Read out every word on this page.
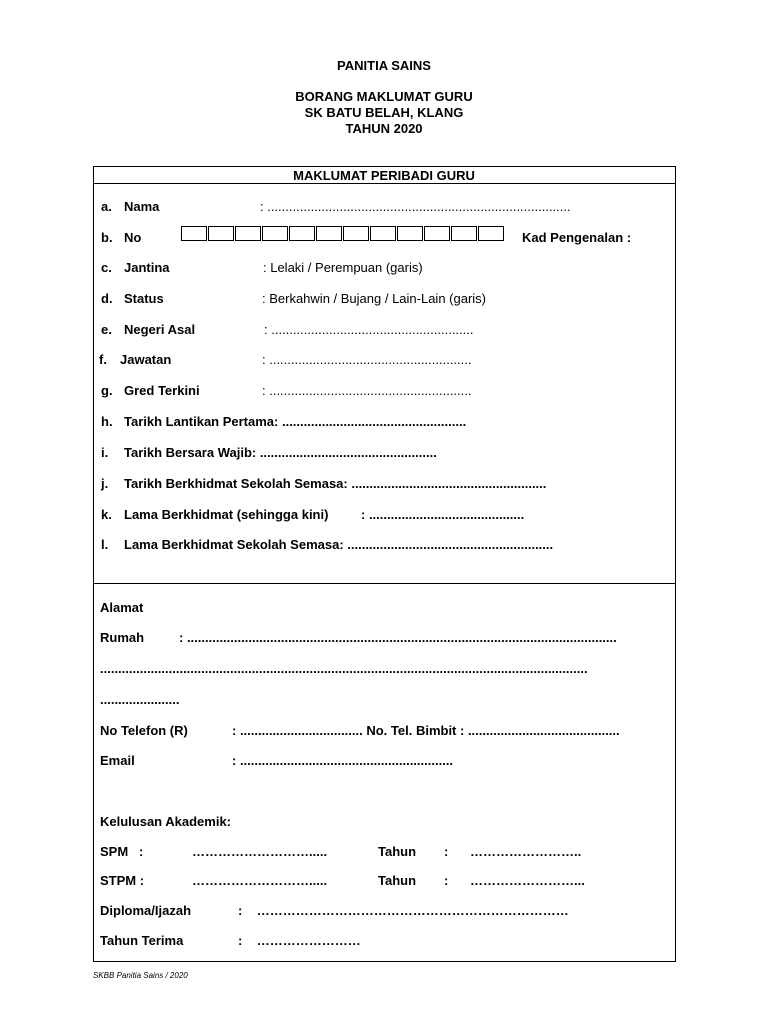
PANITIA SAINS
BORANG MAKLUMAT GURU
SK BATU BELAH, KLANG
TAHUN 2020
MAKLUMAT PERIBADI GURU
a. Nama	: ....................................................................................
b. No	Kad Pengenalan :
c. Jantina	: Lelaki / Perempuan (garis)
d. Status	: Berkahwin / Bujang / Lain-Lain (garis)
e. Negeri Asal	: ........................................................
f. Jawatan	: ........................................................
g. Gred Terkini	: ........................................................
h. Tarikh Lantikan Pertama: ...................................................
i. Tarikh Bersara Wajib: .................................................
j. Tarikh Berkhidmat Sekolah Semasa: ......................................................
k. Lama Berkhidmat (sehingga kini)	: ...........................................
l. Lama Berkhidmat Sekolah Semasa: .........................................................
Alamat
Rumah	: .......................................................................................................................
.......................................................................................................................................
......................
No Telefon (R)	: .................................. No. Tel. Bimbit : ..........................................
Email	: ...........................................................
Kelulusan Akademik:
SPM   :	……………………….....	Tahun :      ……………………..
STPM :	……………………….....	Tahun :      ……………………...
Diploma/Ijazah	:    ………………………………………………………………
Tahun Terima	:    ……………………
SKBB Panitia Sains / 2020
